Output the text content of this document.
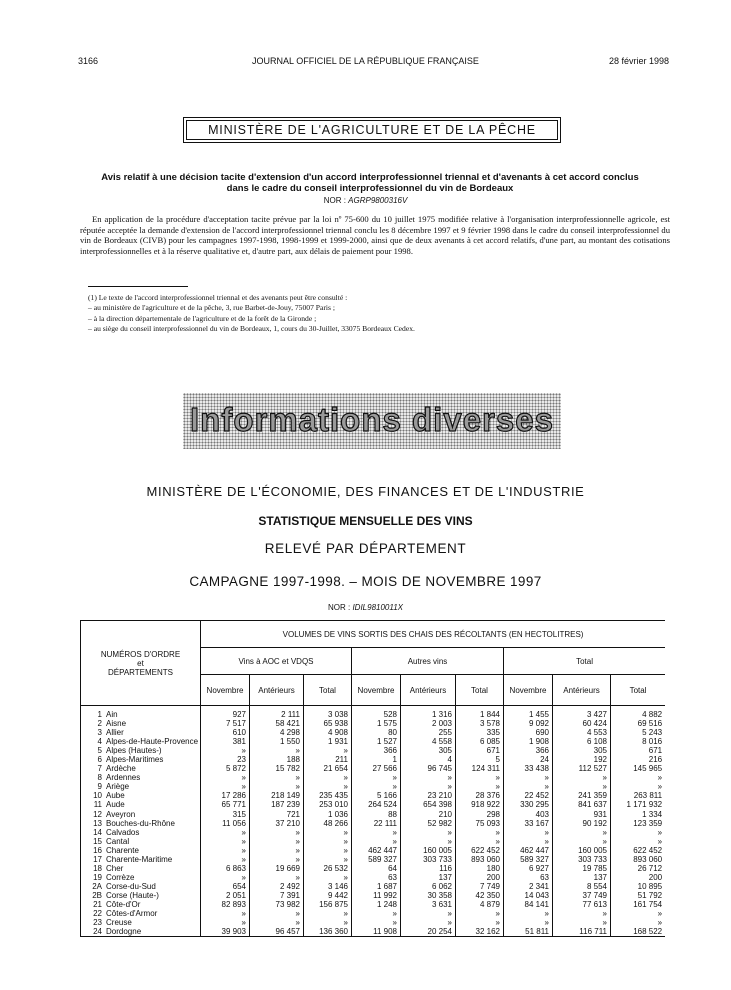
3166	JOURNAL OFFICIEL DE LA RÉPUBLIQUE FRANÇAISE	28 février 1998
MINISTÈRE DE L'AGRICULTURE ET DE LA PÊCHE
Avis relatif à une décision tacite d'extension d'un accord interprofessionnel triennal et d'avenants à cet accord conclus dans le cadre du conseil interprofessionnel du vin de Bordeaux
NOR : AGRP9800316V
En application de la procédure d'acceptation tacite prévue par la loi nº 75-600 du 10 juillet 1975 modifiée relative à l'organisation interprofessionnelle agricole, est réputée acceptée la demande d'extension de l'accord interprofessionnel triennal conclu les 8 décembre 1997 et 9 février 1998 dans le cadre du conseil interprofessionnel du vin de Bordeaux (CIVB) pour les campagnes 1997-1998, 1998-1999 et 1999-2000, ainsi que de deux avenants à cet accord relatifs, d'une part, au montant des cotisations interprofessionnelles et à la réserve qualitative et, d'autre part, aux délais de paiement pour 1998.
(1) Le texte de l'accord interprofessionnel triennal et des avenants peut être consulté :
– au ministère de l'agriculture et de la pêche, 3, rue Barbet-de-Jouy, 75007 Paris ;
– à la direction départementale de l'agriculture et de la forêt de la Gironde ;
– au siège du conseil interprofessionnel du vin de Bordeaux, 1, cours du 30-Juillet, 33075 Bordeaux Cedex.
Informations diverses
MINISTÈRE DE L'ÉCONOMIE, DES FINANCES ET DE L'INDUSTRIE
STATISTIQUE MENSUELLE DES VINS
RELEVÉ PAR DÉPARTEMENT
CAMPAGNE 1997-1998. – MOIS DE NOVEMBRE 1997
NOR : IDIL9810011X
NUMÉROS D'ORDRE
et
DÉPARTEMENTS	VOLUMES DE VINS SORTIS DES CHAIS DES RÉCOLTANTS (EN HECTOLITRES)								
	Vins à AOC et VDQS			Autres vins			Total		
	Novembre	Antérieurs	Total	Novembre	Antérieurs	Total	Novembre	Antérieurs	Total
1 Ain	927	2 111	3 038	528	1 316	1 844	1 455	3 427	4 882
2 Aisne	7 517	58 421	65 938	1 575	2 003	3 578	9 092	60 424	69 516
3 Allier	610	4 298	4 908	80	255	335	690	4 553	5 243
4 Alpes-de-Haute-Provence	381	1 550	1 931	1 527	4 558	6 085	1 908	6 108	8 016
5 Alpes (Hautes-)	»	»	»	366	305	671	366	305	671
6 Alpes-Maritimes	23	188	211	1	4	5	24	192	216
7 Ardèche	5 872	15 782	21 654	27 566	96 745	124 311	33 438	112 527	145 965
8 Ardennes	»	»	»	»	»	»	»	»	»
9 Ariège	»	»	»	»	»	»	»	»	»
10 Aube	17 286	218 149	235 435	5 166	23 210	28 376	22 452	241 359	263 811
11 Aude	65 771	187 239	253 010	264 524	654 398	918 922	330 295	841 637	1 171 932
12 Aveyron	315	721	1 036	88	210	298	403	931	1 334
13 Bouches-du-Rhône	11 056	37 210	48 266	22 111	52 982	75 093	33 167	90 192	123 359
14 Calvados	»	»	»	»	»	»	»	»	»
15 Cantal	»	»	»	»	»	»	»	»	»
16 Charente	»	»	»	462 447	160 005	622 452	462 447	160 005	622 452
17 Charente-Maritime	»	»	»	589 327	303 733	893 060	589 327	303 733	893 060
18 Cher	6 863	19 669	26 532	64	116	180	6 927	19 785	26 712
19 Corrèze	»	»	»	63	137	200	63	137	200
2A Corse-du-Sud	654	2 492	3 146	1 687	6 062	7 749	2 341	8 554	10 895
2B Corse (Haute-)	2 051	7 391	9 442	11 992	30 358	42 350	14 043	37 749	51 792
21 Côte-d'Or	82 893	73 982	156 875	1 248	3 631	4 879	84 141	77 613	161 754
22 Côtes-d'Armor	»	»	»	»	»	»	»	»	»
23 Creuse	»	»	»	»	»	»	»	»	»
24 Dordogne	39 903	96 457	136 360	11 908	20 254	32 162	51 811	116 711	168 522
